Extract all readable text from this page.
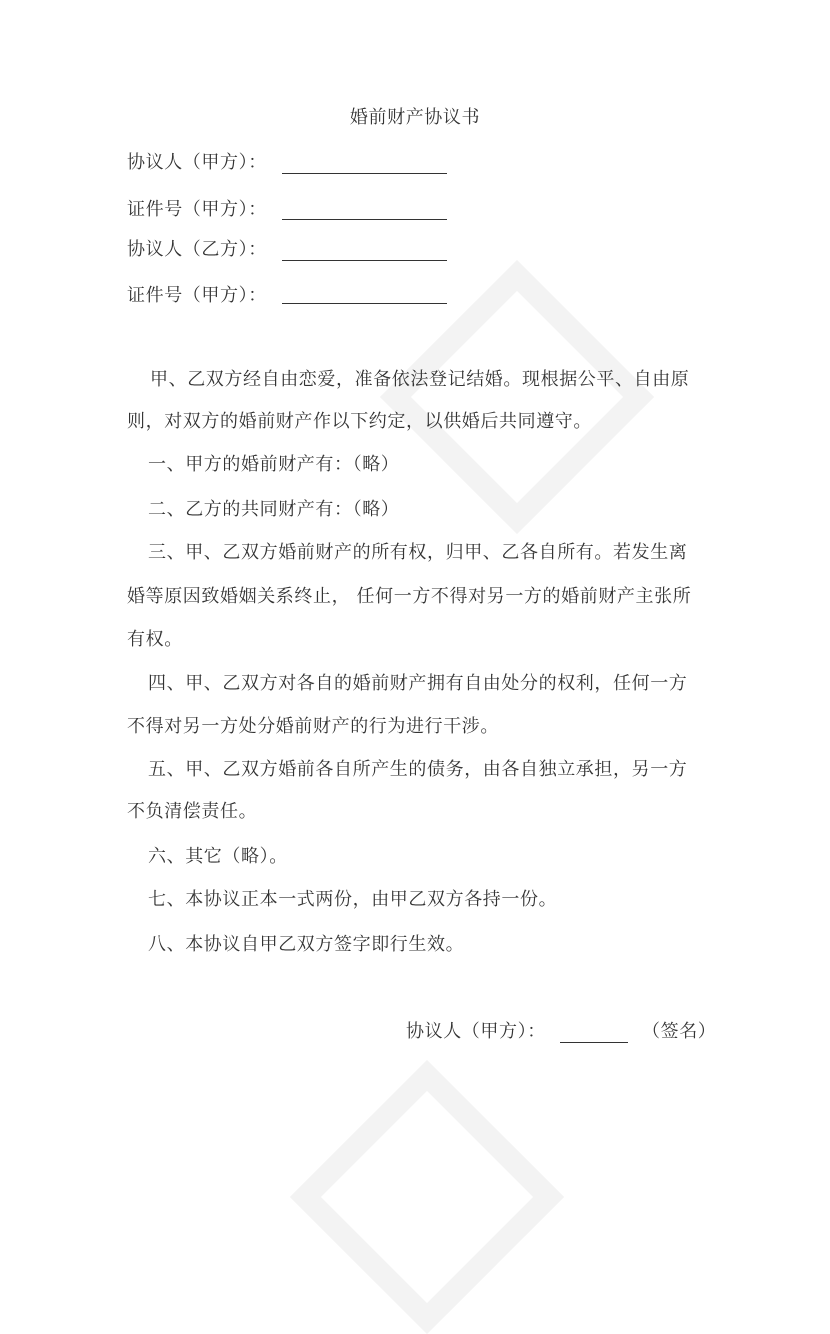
婚前财产协议书
协议人（甲方）：
证件号（甲方）：
协议人（乙方）：
证件号（甲方）：
甲、乙双方经自由恋爱，准备依法登记结婚。现根据公平、自由原
则，对双方的婚前财产作以下约定，以供婚后共同遵守。
一、甲方的婚前财产有：（略）
二、乙方的共同财产有：（略）
三、甲、乙双方婚前财产的所有权，归甲、乙各自所有。若发生离
婚等原因致婚姻关系终止， 任何一方不得对另一方的婚前财产主张所
有权。
四、甲、乙双方对各自的婚前财产拥有自由处分的权利，任何一方
不得对另一方处分婚前财产的行为进行干涉。
五、甲、乙双方婚前各自所产生的债务，由各自独立承担，另一方
不负清偿责任。
六、其它（略）。
七、本协议正本一式两份，由甲乙双方各持一份。
八、本协议自甲乙双方签字即行生效。
协议人（甲方）：	（签名）
